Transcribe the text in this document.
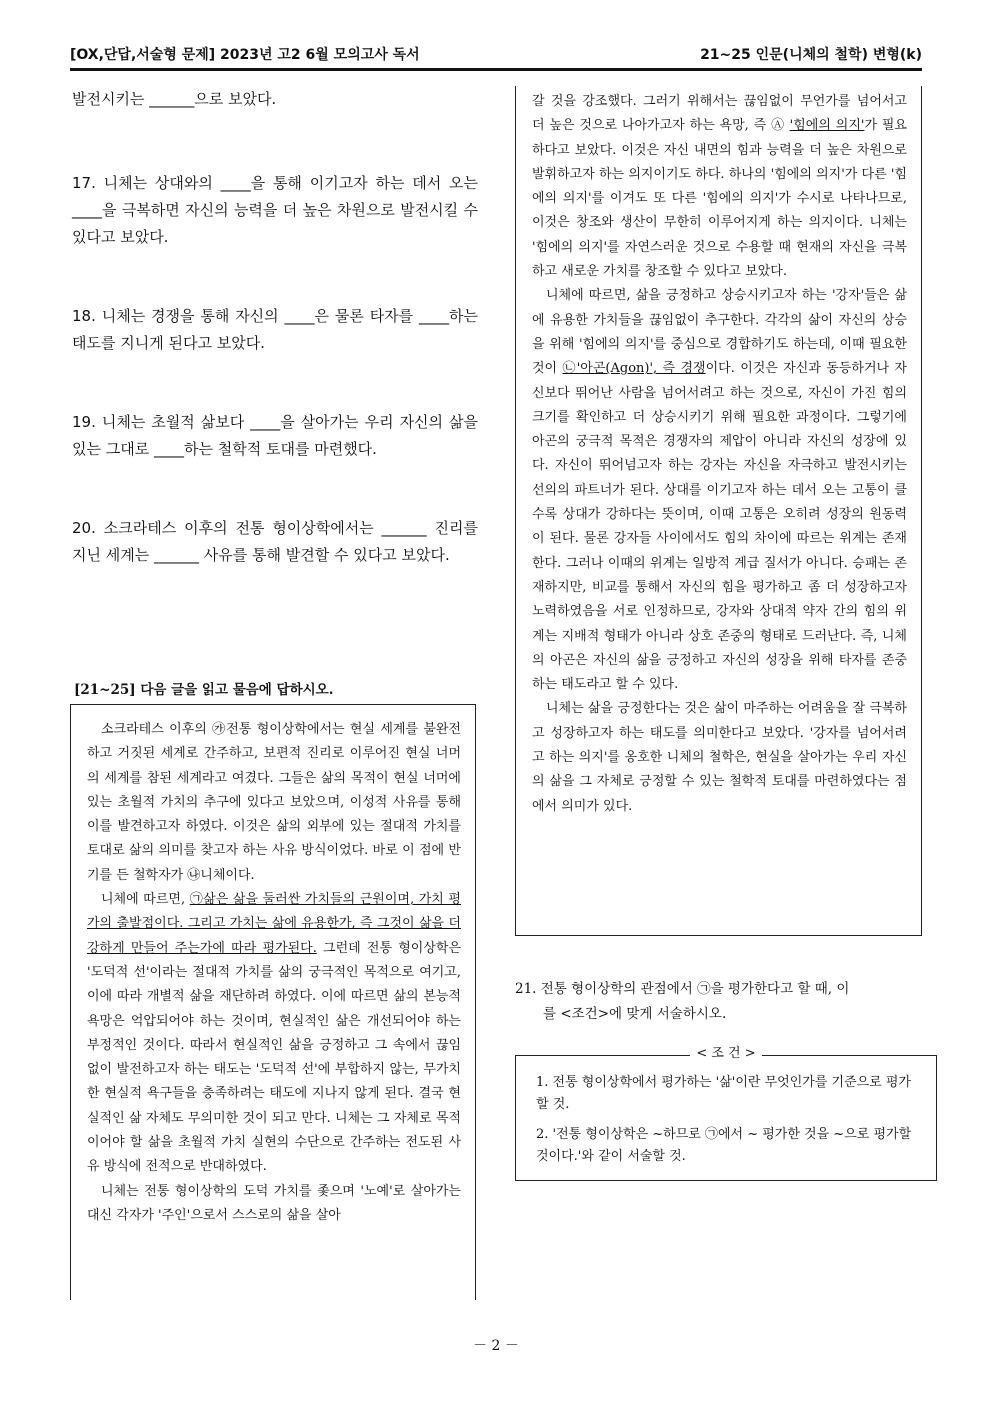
[OX,단답,서술형 문제] 2023년 고2 6월 모의고사 독서	21~25 인문(니체의 철학) 변형(k)

발전시키는 ______으로 보았다.

17. 니체는 상대와의 ____을 통해 이기고자 하는 데서 오는 ____을 극복하면 자신의 능력을 더 높은 차원으로 발전시킬 수 있다고 보았다.

18. 니체는 경쟁을 통해 자신의 ____은 물론 타자를 ____하는 태도를 지니게 된다고 보았다.

19. 니체는 초월적 삶보다 ____을 살아가는 우리 자신의 삶을 있는 그대로 ____하는 철학적 토대를 마련했다.

20. 소크라테스 이후의 전통 형이상학에서는 ______ 진리를 지닌 세계는 ______ 사유를 통해 발견할 수 있다고 보았다.

[21~25] 다음 글을 읽고 물음에 답하시오.

소크라테스 이후의 ㉮전통 형이상학에서는 현실 세계를 불완전하고 거짓된 세계로 간주하고, 보편적 진리로 이루어진 현실 너머의 세계를 참된 세계라고 여겼다. 그들은 삶의 목적이 현실 너머에 있는 초월적 가치의 추구에 있다고 보았으며, 이성적 사유를 통해 이를 발견하고자 하였다. 이것은 삶의 외부에 있는 절대적 가치를 토대로 삶의 의미를 찾고자 하는 사유 방식이었다. 바로 이 점에 반기를 든 철학자가 ㉯니체이다.

니체에 따르면, ㉠삶은 삶을 둘러싼 가치들의 근원이며, 가치 평가의 출발점이다. 그리고 가치는 삶에 유용한가, 즉 그것이 삶을 더 강하게 만들어 주는가에 따라 평가된다. 그런데 전통 형이상학은 '도덕적 선'이라는 절대적 가치를 삶의 궁극적인 목적으로 여기고, 이에 따라 개별적 삶을 재단하려 하였다. 이에 따르면 삶의 본능적 욕망은 억압되어야 하는 것이며, 현실적인 삶은 개선되어야 하는 부정적인 것이다. 따라서 현실적인 삶을 긍정하고 그 속에서 끊임없이 발전하고자 하는 태도는 '도덕적 선'에 부합하지 않는, 무가치한 현실적 욕구들을 충족하려는 태도에 지나지 않게 된다. 결국 현실적인 삶 자체도 무의미한 것이 되고 만다. 니체는 그 자체로 목적이어야 할 삶을 초월적 가치 실현의 수단으로 간주하는 전도된 사유 방식에 전적으로 반대하였다.

니체는 전통 형이상학의 도덕 가치를 좇으며 '노예'로 살아가는 대신 각자가 '주인'으로서 스스로의 삶을 살아

갈 것을 강조했다. 그러기 위해서는 끊임없이 무언가를 넘어서고 더 높은 것으로 나아가고자 하는 욕망, 즉 Ⓐ '힘에의 의지'가 필요하다고 보았다. 이것은 자신 내면의 힘과 능력을 더 높은 차원으로 발휘하고자 하는 의지이기도 하다. 하나의 '힘에의 의지'가 다른 '힘에의 의지'를 이겨도 또 다른 '힘에의 의지'가 수시로 나타나므로, 이것은 창조와 생산이 무한히 이루어지게 하는 의지이다. 니체는 '힘에의 의지'를 자연스러운 것으로 수용할 때 현재의 자신을 극복하고 새로운 가치를 창조할 수 있다고 보았다.

니체에 따르면, 삶을 긍정하고 상승시키고자 하는 '강자'들은 삶에 유용한 가치들을 끊임없이 추구한다. 각각의 삶이 자신의 상승을 위해 '힘에의 의지'를 중심으로 경합하기도 하는데, 이때 필요한 것이 ㉡'아곤(Agon)', 즉 경쟁이다. 이것은 자신과 동등하거나 자신보다 뛰어난 사람을 넘어서려고 하는 것으로, 자신이 가진 힘의 크기를 확인하고 더 상승시키기 위해 필요한 과정이다. 그렇기에 아곤의 궁극적 목적은 경쟁자의 제압이 아니라 자신의 성장에 있다. 자신이 뛰어넘고자 하는 강자는 자신을 자극하고 발전시키는 선의의 파트너가 된다. 상대를 이기고자 하는 데서 오는 고통이 클수록 상대가 강하다는 뜻이며, 이때 고통은 오히려 성장의 원동력이 된다. 물론 강자들 사이에서도 힘의 차이에 따르는 위계는 존재한다. 그러나 이때의 위계는 일방적 계급 질서가 아니다. 승패는 존재하지만, 비교를 통해서 자신의 힘을 평가하고 좀 더 성장하고자 노력하였음을 서로 인정하므로, 강자와 상대적 약자 간의 힘의 위계는 지배적 형태가 아니라 상호 존중의 형태로 드러난다. 즉, 니체의 아곤은 자신의 삶을 긍정하고 자신의 성장을 위해 타자를 존중하는 태도라고 할 수 있다.

니체는 삶을 긍정한다는 것은 삶이 마주하는 어려움을 잘 극복하고 성장하고자 하는 태도를 의미한다고 보았다. '강자를 넘어서려고 하는 의지'를 옹호한 니체의 철학은, 현실을 살아가는 우리 자신의 삶을 그 자체로 긍정할 수 있는 철학적 토대를 마련하였다는 점에서 의미가 있다.

21. 전통 형이상학의 관점에서 ㉠을 평가한다고 할 때, 이
를 <조건>에 맞게 서술하시오.

1. 전통 형이상학에서 평가하는 '삶'이란 무엇인가를 기준으로 평가할 것.

2. '전통 형이상학은 ~하므로 ㉠에서 ~ 평가한 것을 ~으로 평가할 것이다.'와 같이 서술할 것.

< 조 건 >
－ 2 －
